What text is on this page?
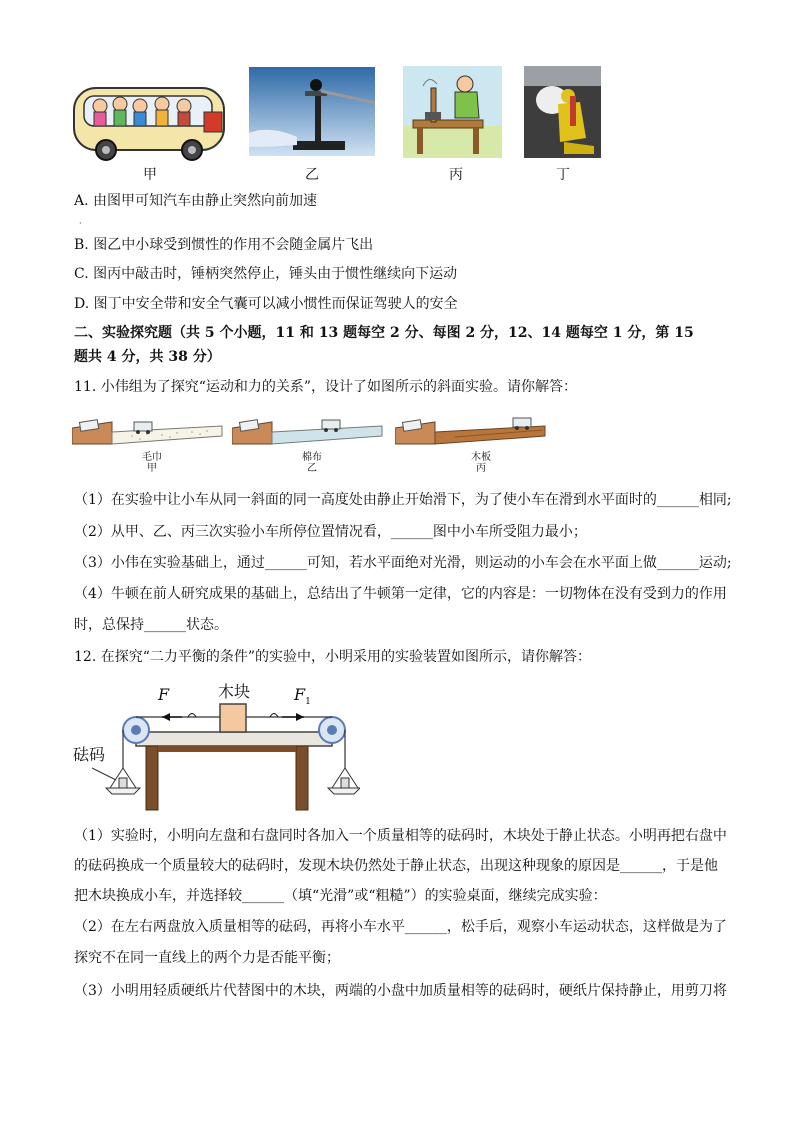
甲	乙	丙	丁
A. 由图甲可知汽车由静止突然向前加速
·
B. 图乙中小球受到惯性的作用不会随金属片飞出
C. 图丙中敲击时，锤柄突然停止，锤头由于惯性继续向下运动
D. 图丁中安全带和安全气囊可以减小惯性而保证驾驶人的安全
二、实验探究题（共 5 个小题，11 和 13 题每空 2 分、每图 2 分，12、14 题每空 1 分，第 15
题共 4 分，共 38 分）
11. 小伟组为了探究“运动和力的关系”，设计了如图所示的斜面实验。请你解答：
毛巾
甲
棉布
乙
木板
丙
（1）在实验中让小车从同一斜面的同一高度处由静止开始滑下，为了使小车在滑到水平面时的______相同;
（2）从甲、乙、丙三次实验小车所停位置情况看，______图中小车所受阻力最小；
（3）小伟在实验基础上，通过______可知，若水平面绝对光滑，则运动的小车会在水平面上做______运动;
（4）牛顿在前人研究成果的基础上，总结出了牛顿第一定律，它的内容是：一切物体在没有受到力的作用
时，总保持______状态。
12. 在探究“二力平衡的条件”的实验中，小明采用的实验装置如图所示，请你解答：
木块
F	$F_1$
砝码
（1）实验时，小明向左盘和右盘同时各加入一个质量相等的砝码时，木块处于静止状态。小明再把右盘中
的砝码换成一个质量较大的砝码时，发现木块仍然处于静止状态，出现这种现象的原因是______，于是他
把木块换成小车，并选择较______（填“光滑”或“粗糙”）的实验桌面，继续完成实验：
（2）在左右两盘放入质量相等的砝码，再将小车水平______，松手后，观察小车运动状态，这样做是为了
探究不在同一直线上的两个力是否能平衡；
（3）小明用轻质硬纸片代替图中的木块，两端的小盘中加质量相等的砝码时，硬纸片保持静止，用剪刀将
